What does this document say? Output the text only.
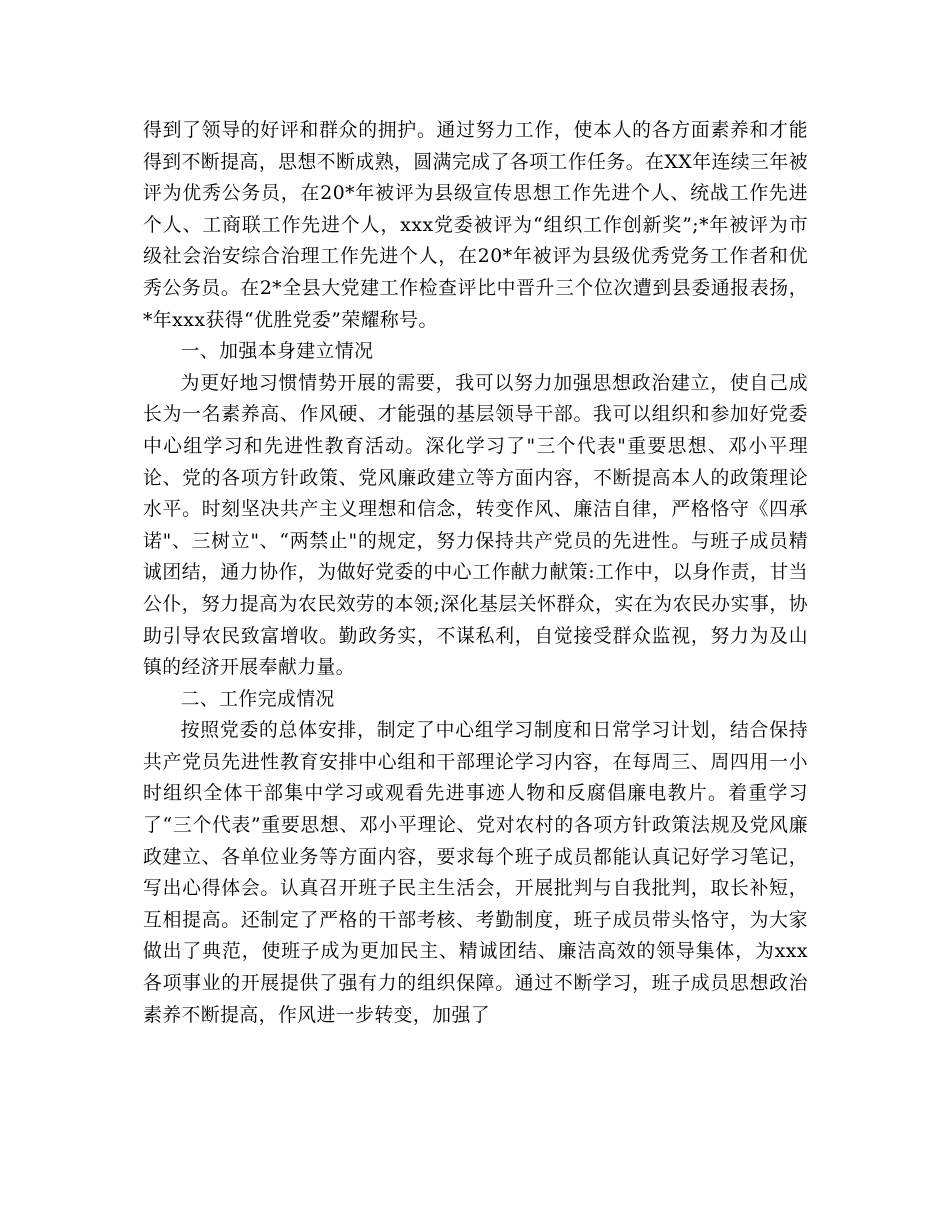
得到了领导的好评和群众的拥护。通过努力工作，使本人的各方面素养和才能得到不断提高，思想不断成熟，圆满完成了各项工作任务。在XX年连续三年被评为优秀公务员，在20*年被评为县级宣传思想工作先进个人、统战工作先进个人、工商联工作先进个人，xxx党委被评为“组织工作创新奖”;*年被评为市级社会治安综合治理工作先进个人，在20*年被评为县级优秀党务工作者和优秀公务员。在2*全县大党建工作检查评比中晋升三个位次遭到县委通报表扬，*年xxx获得“优胜党委”荣耀称号。

一、加强本身建立情况

为更好地习惯情势开展的需要，我可以努力加强思想政治建立，使自己成长为一名素养高、作风硬、才能强的基层领导干部。我可以组织和参加好党委中心组学习和先进性教育活动。深化学习了"三个代表"重要思想、邓小平理论、党的各项方针政策、党风廉政建立等方面内容，不断提高本人的政策理论水平。时刻坚决共产主义理想和信念，转变作风、廉洁自律，严格恪守《四承诺"、三树立"、“两禁止"的规定，努力保持共产党员的先进性。与班子成员精诚团结，通力协作，为做好党委的中心工作献力献策:工作中，以身作责，甘当公仆，努力提高为农民效劳的本领;深化基层关怀群众，实在为农民办实事，协助引导农民致富增收。勤政务实，不谋私利，自觉接受群众监视，努力为及山镇的经济开展奉献力量。

二、工作完成情况

按照党委的总体安排，制定了中心组学习制度和日常学习计划，结合保持共产党员先进性教育安排中心组和干部理论学习内容，在每周三、周四用一小时组织全体干部集中学习或观看先进事迹人物和反腐倡廉电教片。着重学习了“三个代表”重要思想、邓小平理论、党对农村的各项方针政策法规及党风廉政建立、各单位业务等方面内容，要求每个班子成员都能认真记好学习笔记，写出心得体会。认真召开班子民主生活会，开展批判与自我批判，取长补短，互相提高。还制定了严格的干部考核、考勤制度，班子成员带头恪守，为大家做出了典范，使班子成为更加民主、精诚团结、廉洁高效的领导集体，为xxx各项事业的开展提供了强有力的组织保障。通过不断学习，班子成员思想政治素养不断提高，作风进一步转变，加强了
